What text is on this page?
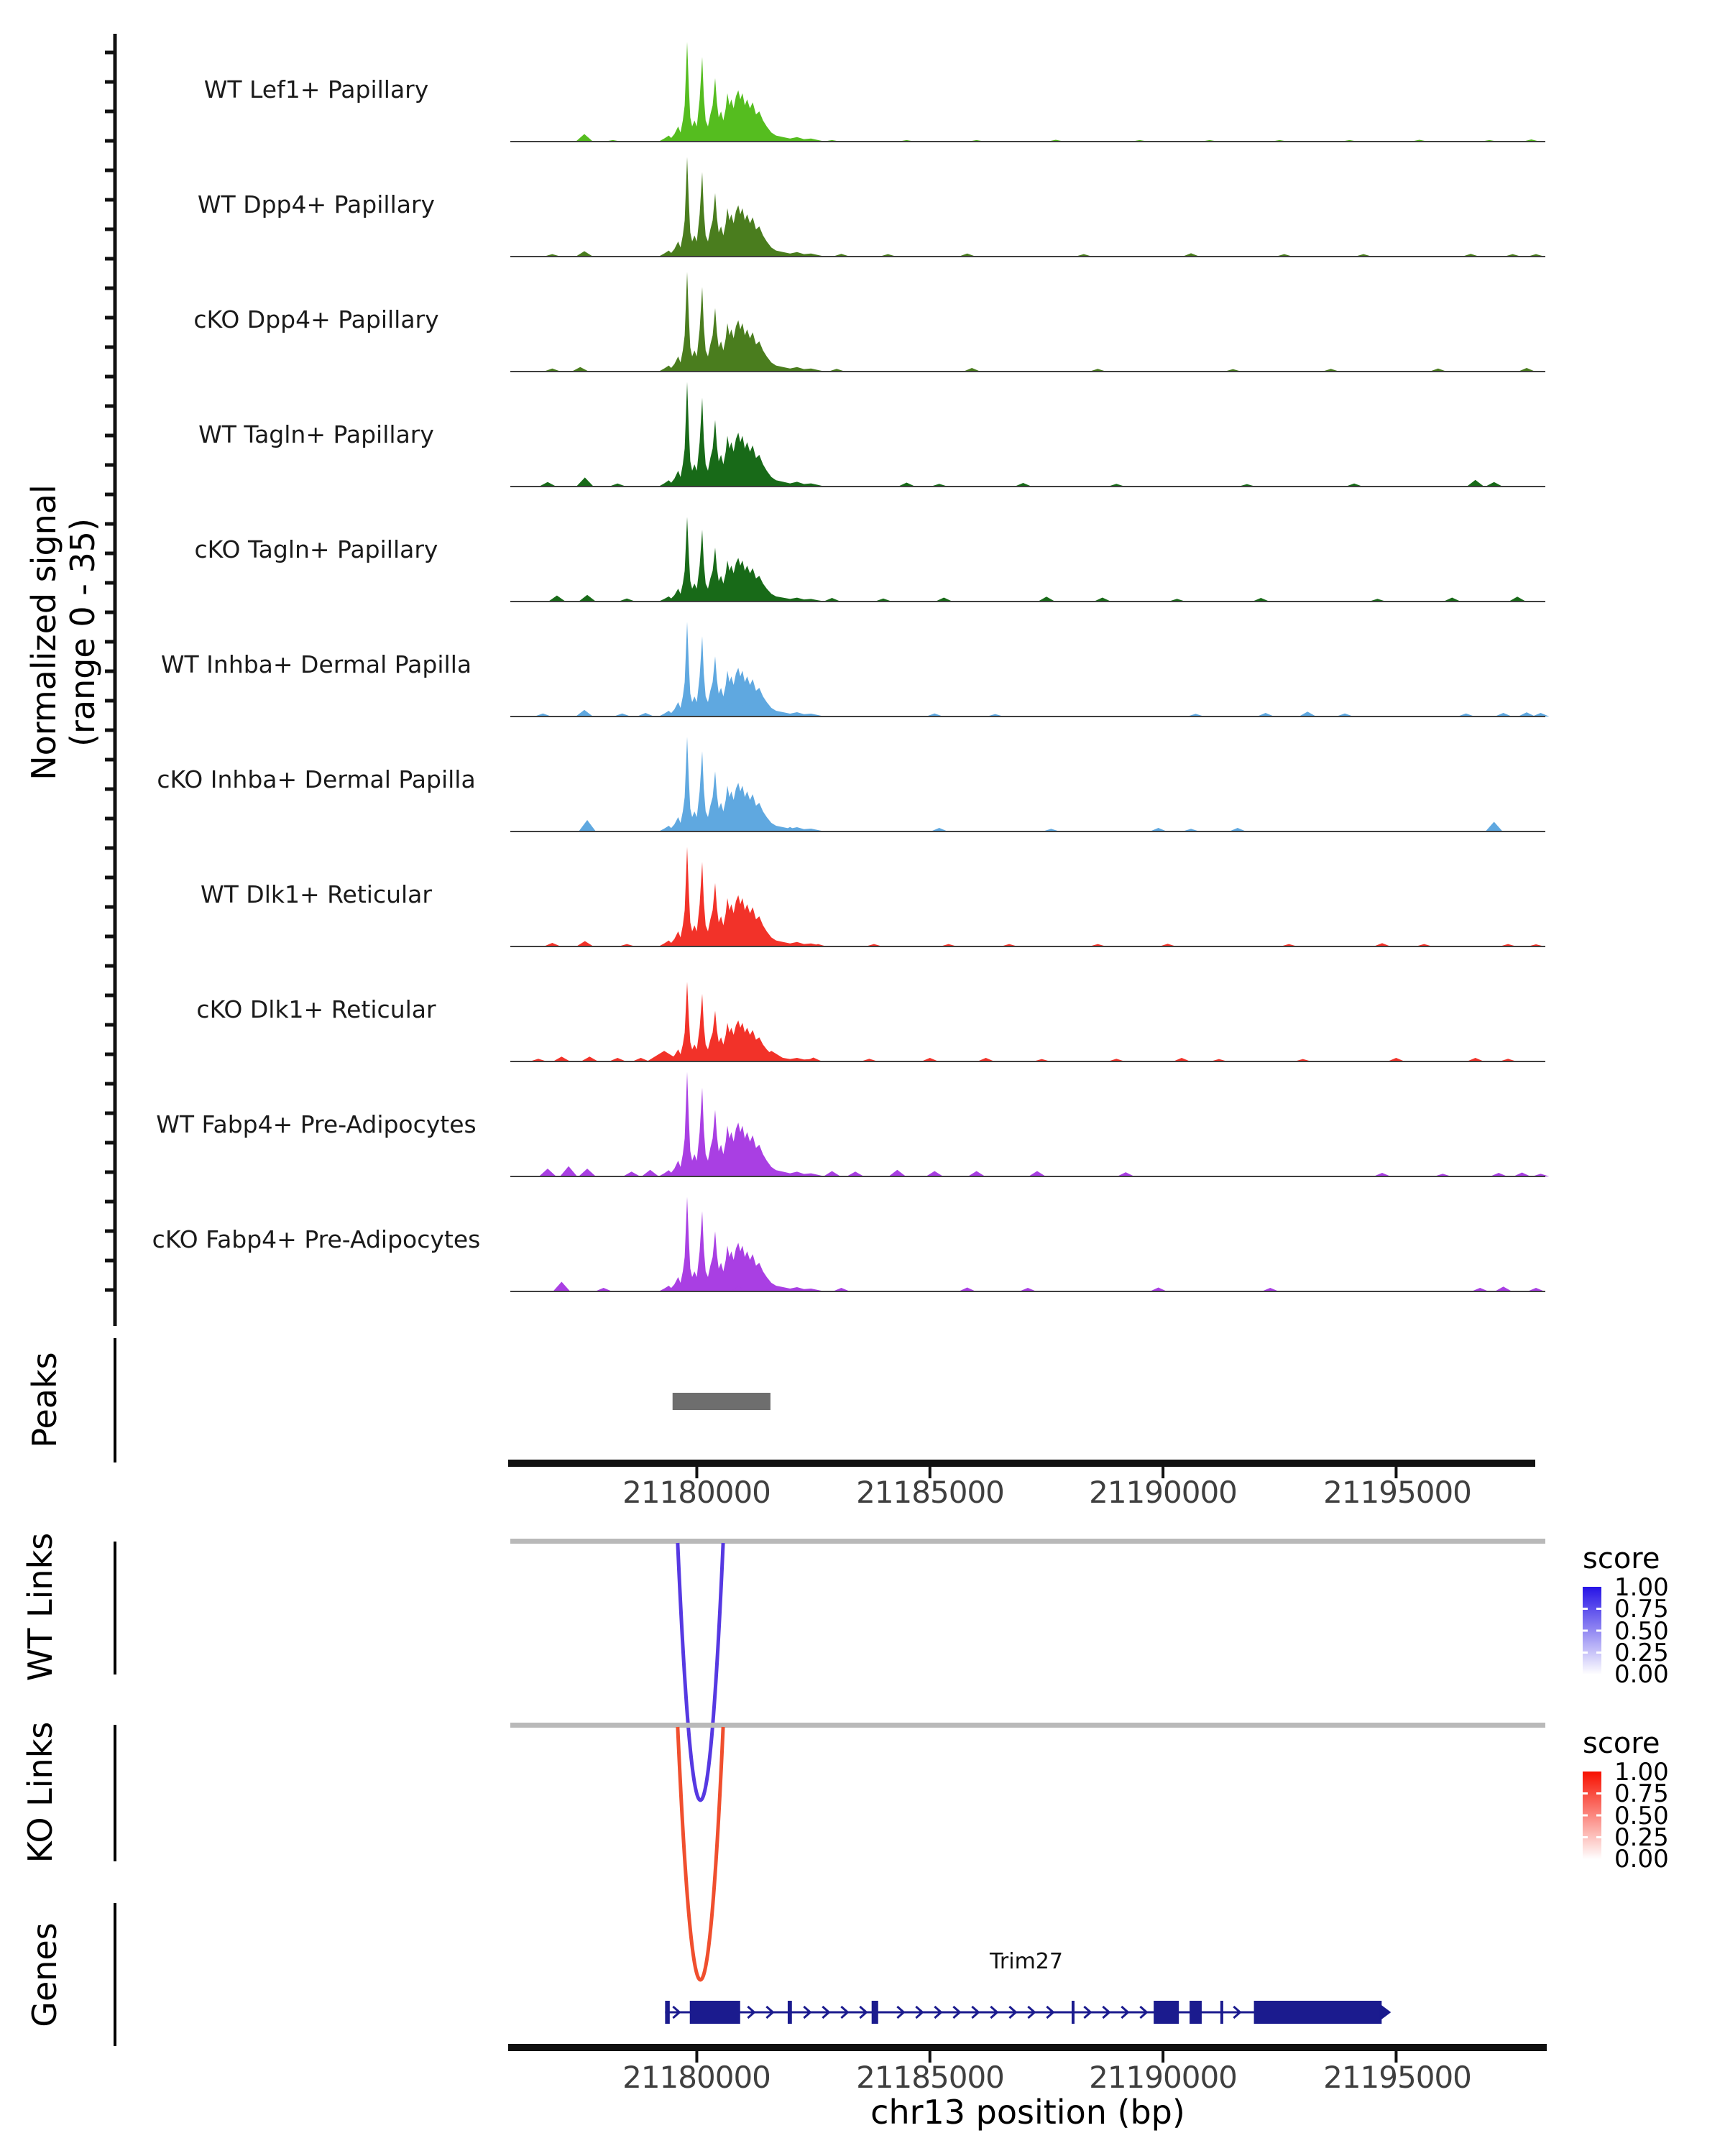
Normalized signal (range 0 - 35)
Peaks
WT Links
KO Links
Genes
WT Lef1+ Papillary
WT Dpp4+ Papillary
cKO Dpp4+ Papillary
WT Tagln+ Papillary
cKO Tagln+ Papillary
WT Inhba+ Dermal Papilla
cKO Inhba+ Dermal Papilla
WT Dlk1+ Reticular
cKO Dlk1+ Reticular
WT Fabp4+ Pre-Adipocytes
cKO Fabp4+ Pre-Adipocytes
21180000	21185000	21190000	21195000
score
1.00
0.75
0.50
0.25
0.00
score
1.00
0.75
0.50
0.25
0.00
Trim27
21180000	21185000	21190000	21195000
chr13 position (bp)
